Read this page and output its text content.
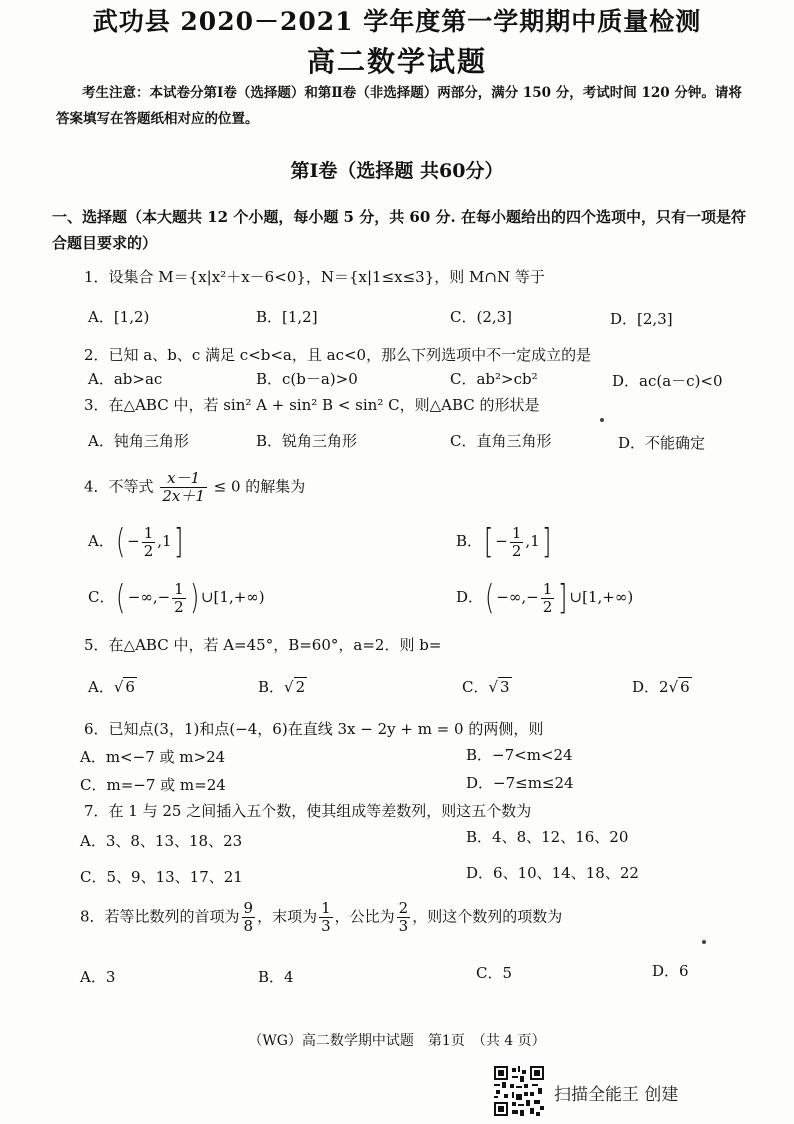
武功县 2020－2021 学年度第一学期期中质量检测
高二数学试题
考生注意：本试卷分第Ⅰ卷（选择题）和第Ⅱ卷（非选择题）两部分，满分 150 分，考试时间 120 分钟。请将答案填写在答题纸相对应的位置。
第Ⅰ卷（选择题 共60分）
一、选择题（本大题共 12 个小题，每小题 5 分，共 60 分. 在每小题给出的四个选项中，只有一项是符合题目要求的）
1．设集合 M＝{x|x²＋x－6<0}，N＝{x|1≤x≤3}，则 M∩N 等于
A．[1,2)	B．[1,2]	C．(2,3]	D．[2,3]
2．已知 a、b、c 满足 c<b<a，且 ac<0，那么下列选项中不一定成立的是
A．ab>ac	B．c(b－a)>0	C．ab²>cb²	D．ac(a－c)<0
3．在△ABC 中，若 sin² A + sin² B < sin² C，则△ABC 的形状是
A．钝角三角形	B．锐角三角形	C．直角三角形	D．不能确定
4．不等式 $\frac{x-1}{2x+1} \le 0$ 的解集为
A．( − $\frac{1}{2} ,1$]	B．[ − $\frac{1}{2} ,1$]
C．( −∞,− $\frac{1}{2}$ ) ∪[1,+∞)	D．( −∞,− $\frac{1}{2}$ ] ∪[1,+∞)
5．在△ABC 中，若 A=45°，B=60°，a=2．则 b=
A．√ 6	B．√ 2	C．√ 3	D．2√ 6
6．已知点(3，1)和点(−4，6)在直线 3x − 2y + m = 0 的两侧，则
A．m<−7 或 m>24	B．−7<m<24
C．m=−7 或 m=24	D．−7≤m≤24
7．在 1 与 25 之间插入五个数，使其组成等差数列，则这五个数为
A．3、8、13、18、23	B．4、8、12、16、20
C．5、9、13、17、21	D．6、10、14、18、22
8．若等比数列的首项为 $\frac{9}{8}$ ，末项为 $\frac{1}{3}$ ，公比为 $\frac{2}{3}$ ，则这个数列的项数为
A．3	B．4	C．5	D．6
（WG）高二数学期中试题　第1页　（共 4 页）
扫描全能王 创建
